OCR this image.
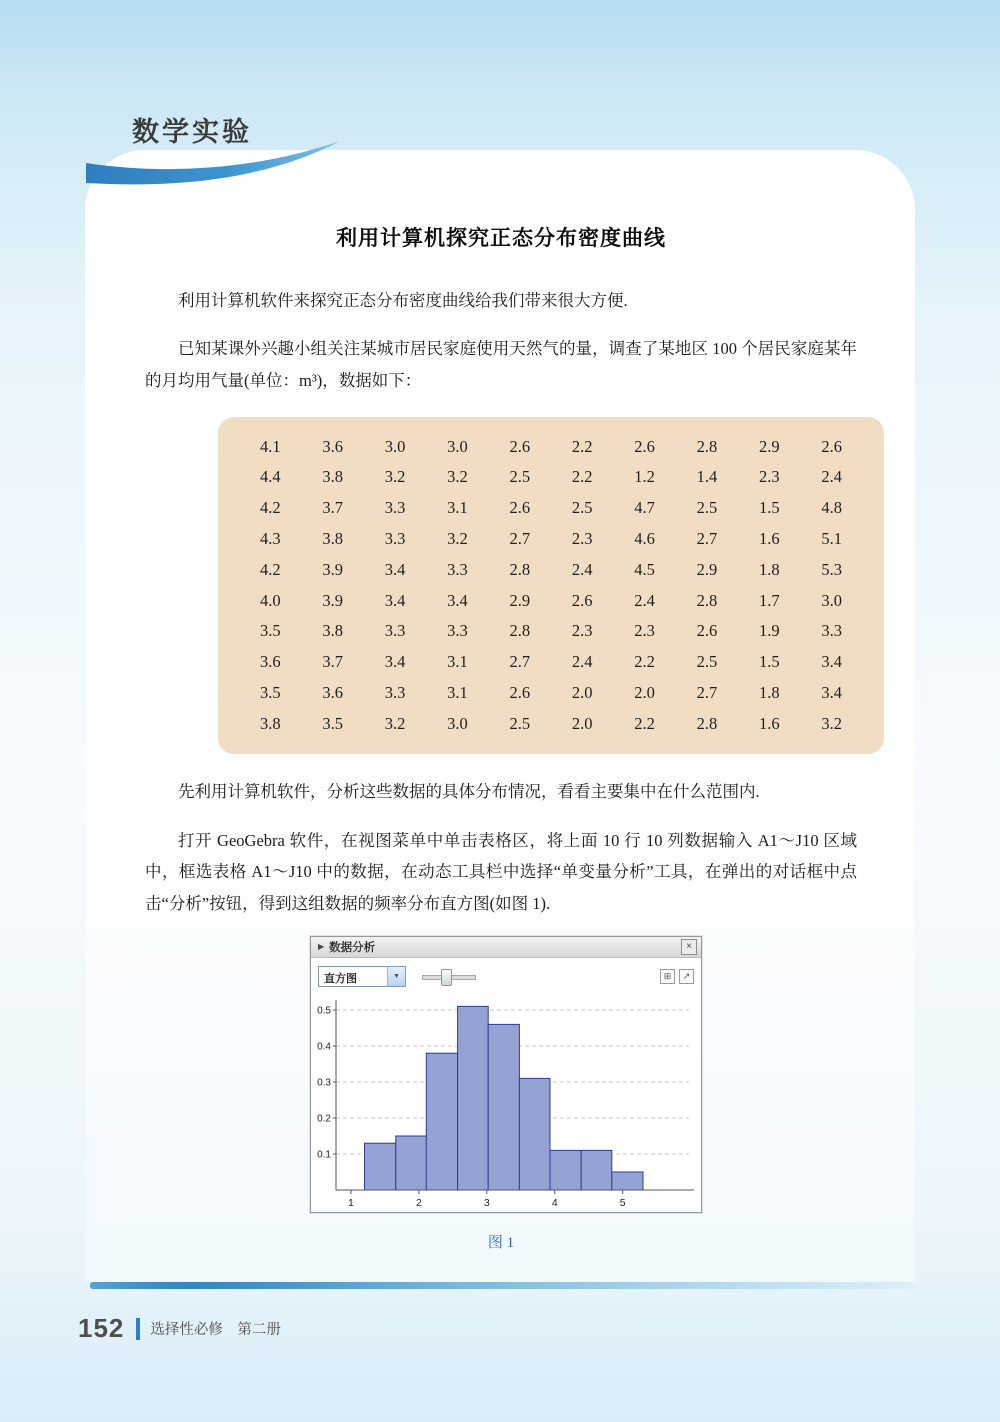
数学实验
利用计算机探究正态分布密度曲线

利用计算机软件来探究正态分布密度曲线给我们带来很大方便.

已知某课外兴趣小组关注某城市居民家庭使用天然气的量，调查了某地区 100 个居民家庭某年的月均用气量(单位：m³)，数据如下：

4.1	3.6	3.0	3.0	2.6	2.2	2.6	2.8	2.9	2.6
4.4	3.8	3.2	3.2	2.5	2.2	1.2	1.4	2.3	2.4
4.2	3.7	3.3	3.1	2.6	2.5	4.7	2.5	1.5	4.8
4.3	3.8	3.3	3.2	2.7	2.3	4.6	2.7	1.6	5.1
4.2	3.9	3.4	3.3	2.8	2.4	4.5	2.9	1.8	5.3
4.0	3.9	3.4	3.4	2.9	2.6	2.4	2.8	1.7	3.0
3.5	3.8	3.3	3.3	2.8	2.3	2.3	2.6	1.9	3.3
3.6	3.7	3.4	3.1	2.7	2.4	2.2	2.5	1.5	3.4
3.5	3.6	3.3	3.1	2.6	2.0	2.0	2.7	1.8	3.4
3.8	3.5	3.2	3.0	2.5	2.0	2.2	2.8	1.6	3.2

先利用计算机软件，分析这些数据的具体分布情况，看看主要集中在什么范围内.

打开 GeoGebra 软件，在视图菜单中单击表格区，将上面 10 行 10 列数据输入 A1～J10 区域中，框选表格 A1～J10 中的数据，在动态工具栏中选择“单变量分析”工具，在弹出的对话框中点击“分析”按钮，得到这组数据的频率分布直方图(如图 1).

▶ 数据分析	×
直方图	▼	⊞	↗
0.1
0.2
0.3
0.4
0.5
1	2	3	4	5
图 1
152 选择性必修　第二册
